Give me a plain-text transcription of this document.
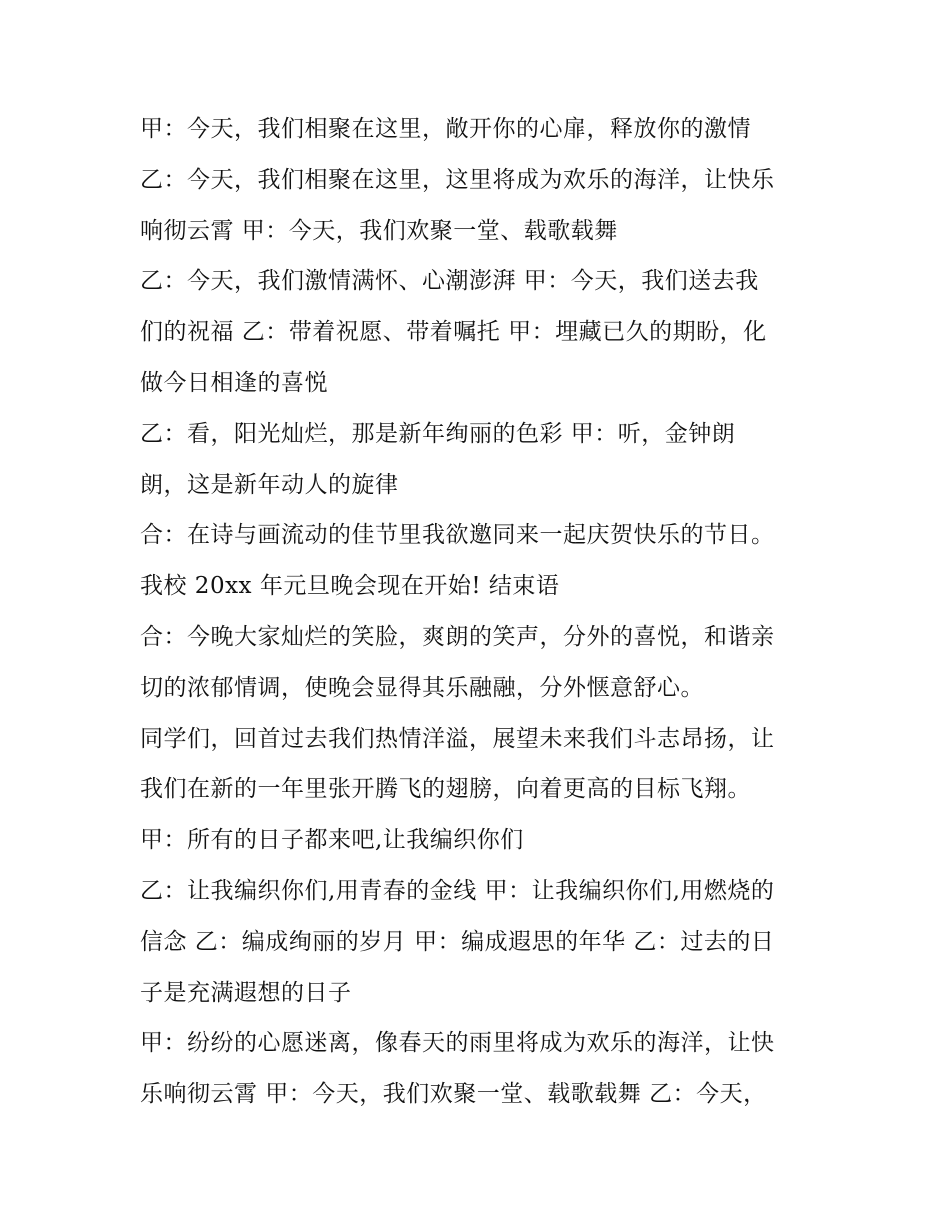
甲：今天，我们相聚在这里，敞开你的心扉，释放你的激情
乙：今天，我们相聚在这里，这里将成为欢乐的海洋，让快乐
响彻云霄 甲：今天，我们欢聚一堂、载歌载舞
乙：今天，我们激情满怀、心潮澎湃 甲：今天，我们送去我
们的祝福 乙：带着祝愿、带着嘱托 甲：埋藏已久的期盼，化
做今日相逢的喜悦
乙：看，阳光灿烂，那是新年绚丽的色彩 甲：听，金钟朗
朗，这是新年动人的旋律
合：在诗与画流动的佳节里我欲邀同来一起庆贺快乐的节日。
我校 20xx 年元旦晚会现在开始! 结束语
合：今晚大家灿烂的笑脸，爽朗的笑声，分外的喜悦，和谐亲
切的浓郁情调，使晚会显得其乐融融，分外惬意舒心。
同学们，回首过去我们热情洋溢，展望未来我们斗志昂扬，让
我们在新的一年里张开腾飞的翅膀，向着更高的目标飞翔。
甲：所有的日子都来吧,让我编织你们
乙：让我编织你们,用青春的金线 甲：让我编织你们,用燃烧的
信念 乙：编成绚丽的岁月 甲：编成遐思的年华 乙：过去的日
子是充满遐想的日子
甲：纷纷的心愿迷离，像春天的雨里将成为欢乐的海洋，让快
乐响彻云霄 甲：今天，我们欢聚一堂、载歌载舞 乙：今天，
